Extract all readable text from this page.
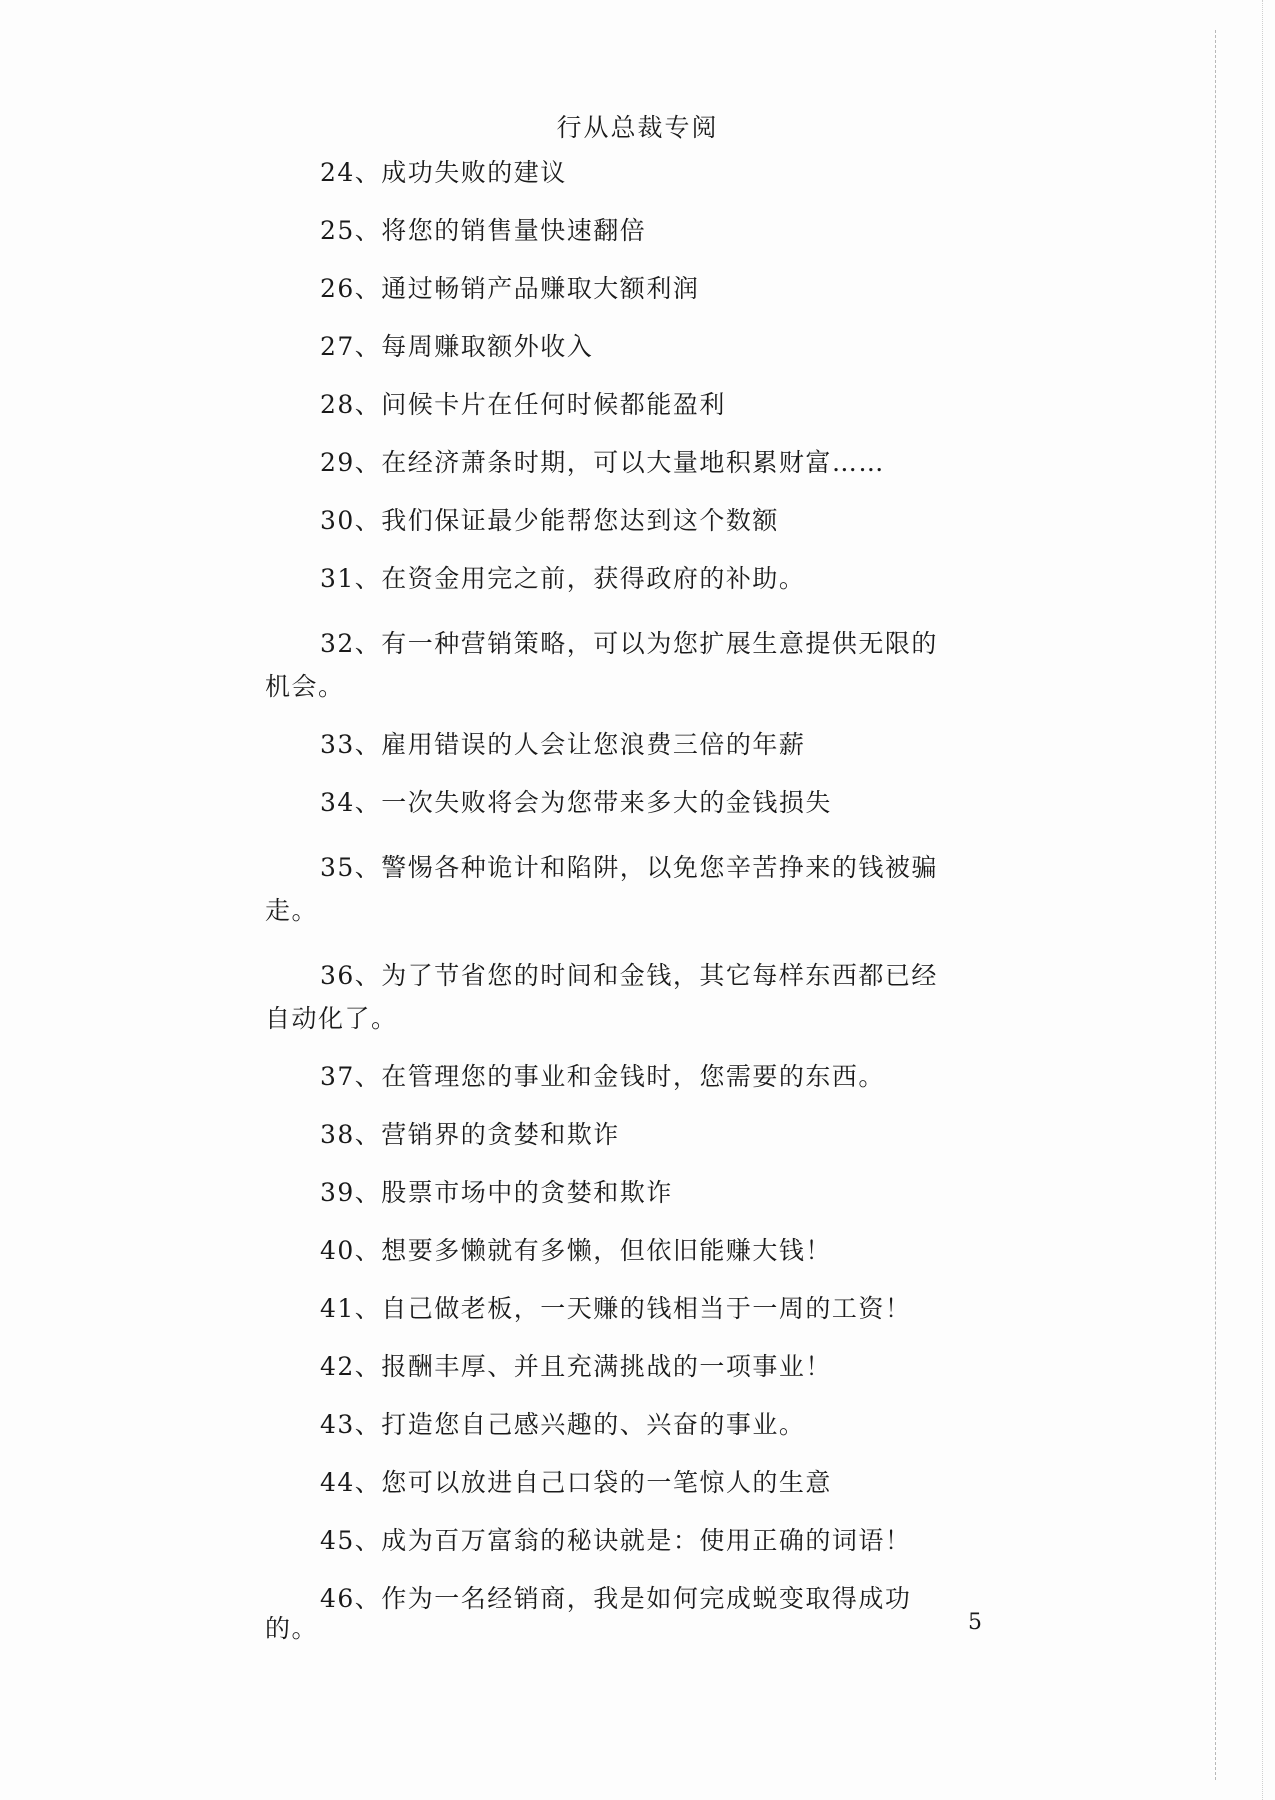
行从总裁专阅

24、成功失败的建议

25、将您的销售量快速翻倍

26、通过畅销产品赚取大额利润

27、每周赚取额外收入

28、问候卡片在任何时候都能盈利

29、在经济萧条时期，可以大量地积累财富……

30、我们保证最少能帮您达到这个数额

31、在资金用完之前，获得政府的补助。

32、有一种营销策略，可以为您扩展生意提供无限的机会。

33、雇用错误的人会让您浪费三倍的年薪

34、一次失败将会为您带来多大的金钱损失

35、警惕各种诡计和陷阱，以免您辛苦挣来的钱被骗走。

36、为了节省您的时间和金钱，其它每样东西都已经自动化了。

37、在管理您的事业和金钱时，您需要的东西。

38、营销界的贪婪和欺诈

39、股票市场中的贪婪和欺诈

40、想要多懒就有多懒，但依旧能赚大钱！

41、自己做老板，一天赚的钱相当于一周的工资！

42、报酬丰厚、并且充满挑战的一项事业！

43、打造您自己感兴趣的、兴奋的事业。

44、您可以放进自己口袋的一笔惊人的生意

45、成为百万富翁的秘诀就是：使用正确的词语！

46、作为一名经销商，我是如何完成蜕变取得成功的。	5
